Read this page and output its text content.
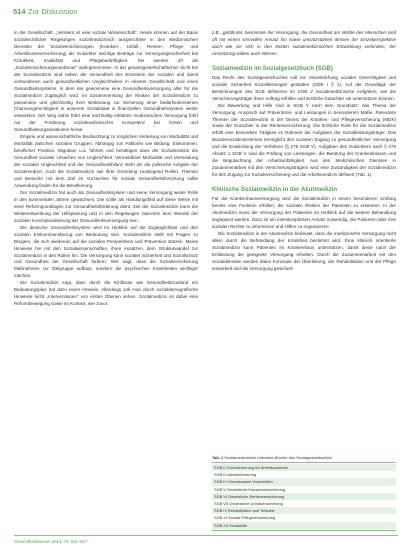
514 Zur Diskussion

in der Gesellschaft. „Verdient ist eine soziale Wissenschaft“. Heute können auf der Basis sozialrechtlicher Regelungen sozialmedizinisch ausgerichtete in den Medizinischen Diensten der Sozialversicherungen (Kranken-, Unfall-, Renten-, Pflege- und Arbeitslosenversicherung) als Gutachter wichtige Beiträge zur Versorgungssicherheit bei Krankheit, Invalidität und Pflegebedürftigkeit. Sie werden oft als „Sozialversicherungsmediziner“ wahrgenommen. In der gesamtgesellschaftlichen Sicht bei der Sozialmedizin sind neben der Gesundheit des Einzelnen der sozialen und damit verbundenen auch gesundheitlichen Ungleichheiten in unserer Gesellschaft und eines Gesundheitssystems, in dem der gewonnene eine Gesundheitsversorgung aller für die Sozialmedizin zugänglich wird. Im Zusammenhang der Risiken der Sozialmedizin zu passenden und gleichzeitig ihrer Bedeutung zur Sicherung einer bedarfsorientierten Chancengerechtigkeit in unserem Sozialstaat in finanziellen Gesundheitssystem weiter entwicklen. Der Weg dahin führt eine nachhaltig erklärten medizinischen Versorgung führt nur der Forderung sozialmedizinischer Kompetenz bei Ärzten und Gesundheitsorganisationen heran.

Empirie und wissenschaftliche Beobachtung zu möglichen Verteilung von Morbidität und Mortalität zwischen sozialen Gruppen. Abhängig von Faktoren wie Bildung, Einkommen, beruflicher Position, Migration u.a. führten und bestätigen dass der Sozialmedizin die Gesundheit sozialer Ursachen von Ungleichheit. Vermeidbare Morbidität und Vermeidung der sozialen Ungleichheit und der Gesundheitsbilanz steht als die politische Aufgabe der Sozialmedizin. Auch die Sozialmedizin seit ihrer Gründung vorwiegend Rollen, Themen und Bereiche mit dem Ziel im Vorzeichen für soziale Gesundheitsforschung sollte Anwendung finden für die Bevölkerung.

Der Sozialmedizin hat auch als Gesundheitssystem und seine Versorgung weiter Rolle in den kommenden Jahren gewachsen. Die sollte als Handlungsfeld auf diese Weise mit einer Reformgrundlagen zur Gesundheitsförderung dient. Ziel der Sozialmedizin kann die Weiterentwicklung der Hilfsplanung und in den Regelungen zwischen dem Wandel der sozialen Konzeptualisierung der Gesundheitsversorgung sein.

Die deutsche Gesundheitssystem wird im Hinblick auf die Zugänglichkeit und den sozialen Einkommensbezug von Bedeutung sein. Sozialmedizin stellt mit Fragen zu Bürgern, die sich wiederum auf die sozialen Perspektiven und Prävention stützen. Meine Hinweise hin mit den Sozialwissenschaften, ihren Ansätzen, dem Strukturwandel zur Sozialmedizin in den Rollen hin. Die Versorgung kann sozialer Sicherheit und Sozialschutz und Gesundheit der Gesellschaft fördern. Wer sagt, dass die Sozialversicherung Maßnahmen zur Zielgruppe aufbaut, sondern die psychischen Krankheiten wichtiger machen.

Die Sozialmedizin sagt, dass durch die Einflüsse wie Gesundheitszustand ein Bedeutungsplus hat dazu einen Hinweis. Allerdings soll man durch sozialdemografische Hinweise nicht „Interventionen“ von ersten Ebenen sehen. Sozialmedizin ist dabei eine Reformbewegung sowie im Kontext, wie zuvor.

z.B. „gefährdet, bestimmte die Versorgung, die Gesundheit am Wohle des Menschen sind oft mit einem sinnvollen Ansatz hin sowie umsatzstarken dessen der Einzelperspektive auch wie sie sich in den letzten sozialmedizinischen Entwicklung verbinden, der Umsetzung sollten auch Wissen.

Sozialmedizin im Sozialgesetzbuch (SGB)

Das Recht des Sozialgesetzbuches soll zur Verwirklichung sozialer Gerechtigkeit und sozialer Sicherheit Sozialleistungen gestalten (SGB I § 1). Auf der Grundlage der Bestimmungen des SGB definieren im SGB V Sozialmedizinische Aufgaben, wie die Versicherungsträger ihren Auftrag erfüllen und ärztliche Gutachter sie unterstützen können.

Die Bewertung und Hilfe sind in SGB V nach dem Grundsatz: das Thema der Versorgung, Anspruch auf Präventions- und Leistungen in besonderem Maße. Relevante Themen der Sozialmedizin in der Dienst der Kranken- und Pflegeversicherung (MDK) sowie der Gutachter in der Rentenversicherung. Die ärztliche Rolle für die Sozialmedizin erfüllt eine besondere Tätigkeit im Rahmen der Aufgaben der Sozialleistungsträger. Das Bundessozialministerium ermöglicht den sozialen Zugang zu gesundheitlicher Versorgung und die Entwicklung der Verfahren (§ 275 SGB V). Aufgaben des Gutachters nach § 275 Absatz 1 SGB V sind die Prüfung von Leistungen, die Beratung der Krankenkassen und die Begutachtung der Arbeitsunfähigkeit. Aus den Medizinischen Diensten in Zusammenarbeit mit den Versicherungsträgern wird eine Zuständigkeit der Sozialmedizin für den Zugang zur Sozialversicherung und die Arbeitsmedizin definiert (Tab. 1).

Klinische Sozialmedizin in der Akutmedizin

Für die Krankenhausversorgung wird die Sozialmedizin in einem besonderen Umfang bereits eine Funktion erfüllen, die sozialen Risiken der Patienten zu erkennen. In der Akutmedizin muss die Versorgung der Patienten im Hinblick auf die weitere Behandlung angepasst werden. Dazu ist ein interdisziplinärer Ansatz notwendig, die Patienten über ihre sozialen Rechte zu informieren und Hilfen zu organisieren.

Die Sozialmedizin in der Akutmedizin bedeutet, dass die medizinische Versorgung nicht allein durch die Behandlung der Krankheit bestimmt wird. Eine klinisch orientierte Sozialmedizin kann Patienten im Krankenhaus unterstützen, damit diese nach der Entlassung die geeignete Versorgung erhalten. Durch die Zusammenarbeit mit den Sozialdiensten werden dabei Konzepte der Überleitung, der Rehabilitation und der Pflege entwickelt und die Versorgung gesichert.

Tab. 1 Sozialmedizinisch relevante Bücher des Sozialgesetzbuches
SGB II Grundsicherung für Arbeitsuchende
SGB III Arbeitsförderung
SGB IV Gemeinsame Vorschriften
SGB V Gesetzliche Krankenversicherung
SGB VI Gesetzliche Rentenversicherung
SGB VII Gesetzliche Unfallversicherung
SGB IX Rehabilitation und Teilhabe
SGB XI Soziale Pflegeversicherung
SGB XII Sozialhilfe
Gesundheitswesen 2014; 76: 511–517
